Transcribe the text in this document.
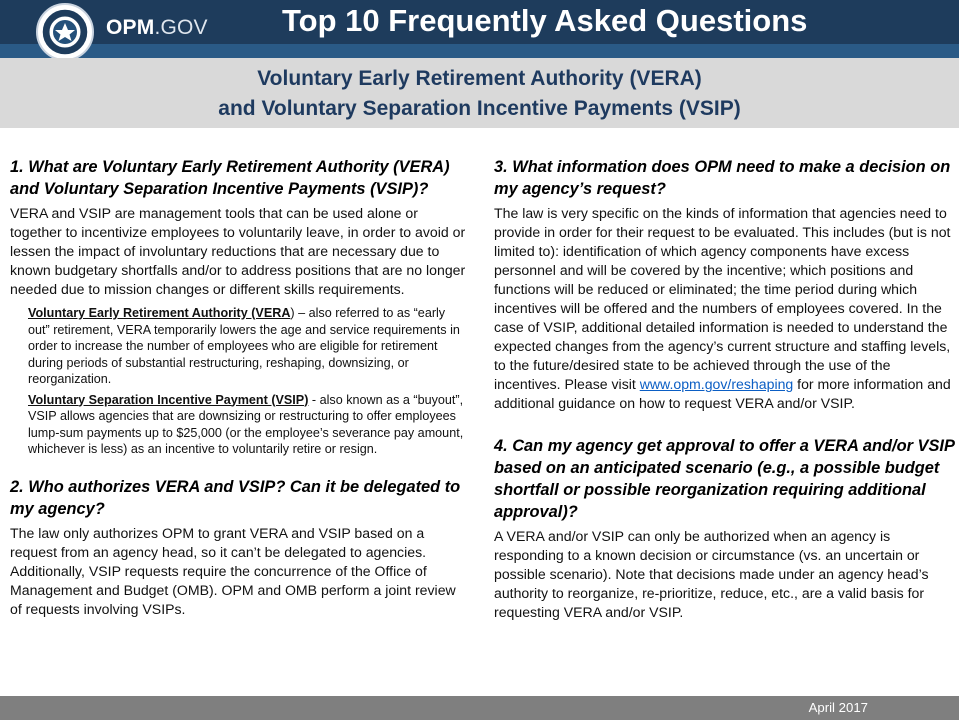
OPM.GOV Top 10 Frequently Asked Questions
Voluntary Early Retirement Authority (VERA)
and Voluntary Separation Incentive Payments (VSIP)
1. What are Voluntary Early Retirement Authority (VERA) and Voluntary Separation Incentive Payments (VSIP)?
VERA and VSIP are management tools that can be used alone or together to incentivize employees to voluntarily leave, in order to avoid or lessen the impact of involuntary reductions that are necessary due to known budgetary shortfalls and/or to address positions that are no longer needed due to mission changes or different skills requirements.
Voluntary Early Retirement Authority (VERA) – also referred to as “early out” retirement, VERA temporarily lowers the age and service requirements in order to increase the number of employees who are eligible for retirement during periods of substantial restructuring, reshaping, downsizing, or reorganization.
Voluntary Separation Incentive Payment (VSIP) - also known as a “buyout”, VSIP allows agencies that are downsizing or restructuring to offer employees lump-sum payments up to $25,000 (or the employee’s severance pay amount, whichever is less) as an incentive to voluntarily retire or resign.
2. Who authorizes VERA and VSIP? Can it be delegated to my agency?
The law only authorizes OPM to grant VERA and VSIP based on a request from an agency head, so it can’t be delegated to agencies. Additionally, VSIP requests require the concurrence of the Office of Management and Budget (OMB). OPM and OMB perform a joint review of requests involving VSIPs.
3. What information does OPM need to make a decision on my agency’s request?
The law is very specific on the kinds of information that agencies need to provide in order for their request to be evaluated. This includes (but is not limited to): identification of which agency components have excess personnel and will be covered by the incentive; which positions and functions will be reduced or eliminated; the time period during which incentives will be offered and the numbers of employees covered. In the case of VSIP, additional detailed information is needed to understand the expected changes from the agency’s current structure and staffing levels, to the future/desired state to be achieved through the use of the incentives. Please visit www.opm.gov/reshaping for more information and additional guidance on how to request VERA and/or VSIP.
4. Can my agency get approval to offer a VERA and/or VSIP based on an anticipated scenario (e.g., a possible budget shortfall or possible reorganization requiring additional approval)?
A VERA and/or VSIP can only be authorized when an agency is responding to a known decision or circumstance (vs. an uncertain or possible scenario). Note that decisions made under an agency head’s authority to reorganize, re-prioritize, reduce, etc., are a valid basis for requesting VERA and/or VSIP.
April 2017
